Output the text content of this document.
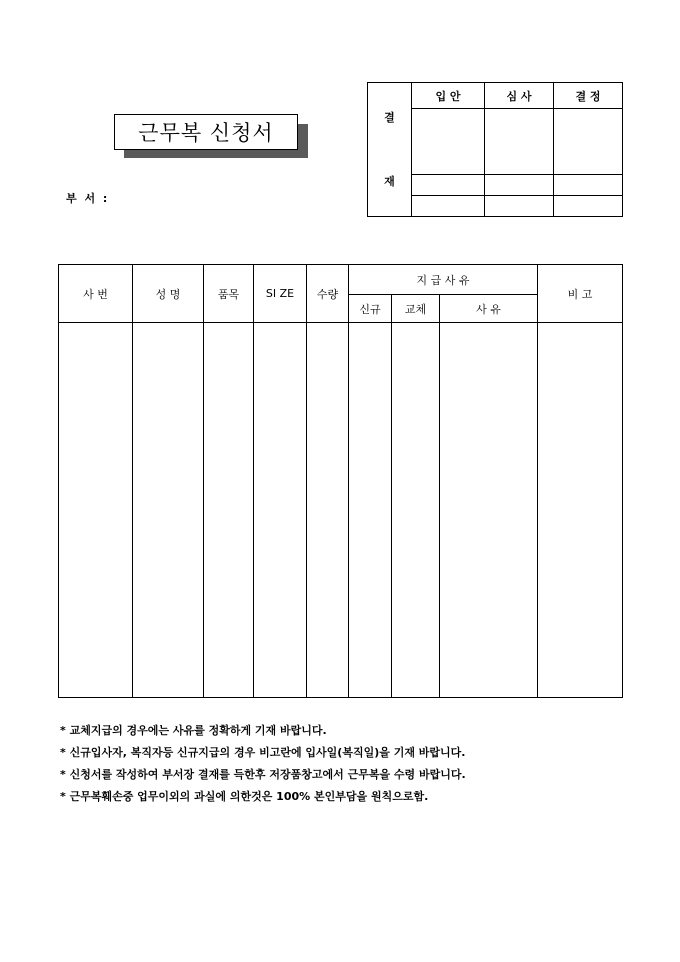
근무복 신청서
부 서 :
결
재	입 안	심 사	결 정

사 번	성 명	품목	SI ZE	수량	지 급 사 유			비 고
					신규	교체	사 유	

* 교체지급의 경우에는 사유를 정확하게 기재 바랍니다.
* 신규입사자, 복직자등 신규지급의 경우 비고란에 입사일(복직일)을 기재 바랍니다.
* 신청서를 작성하여 부서장 결재를 득한후 저장품창고에서 근무복을 수령 바랍니다.
* 근무복훼손중 업무이외의 과실에 의한것은 100% 본인부담을 원칙으로함.
